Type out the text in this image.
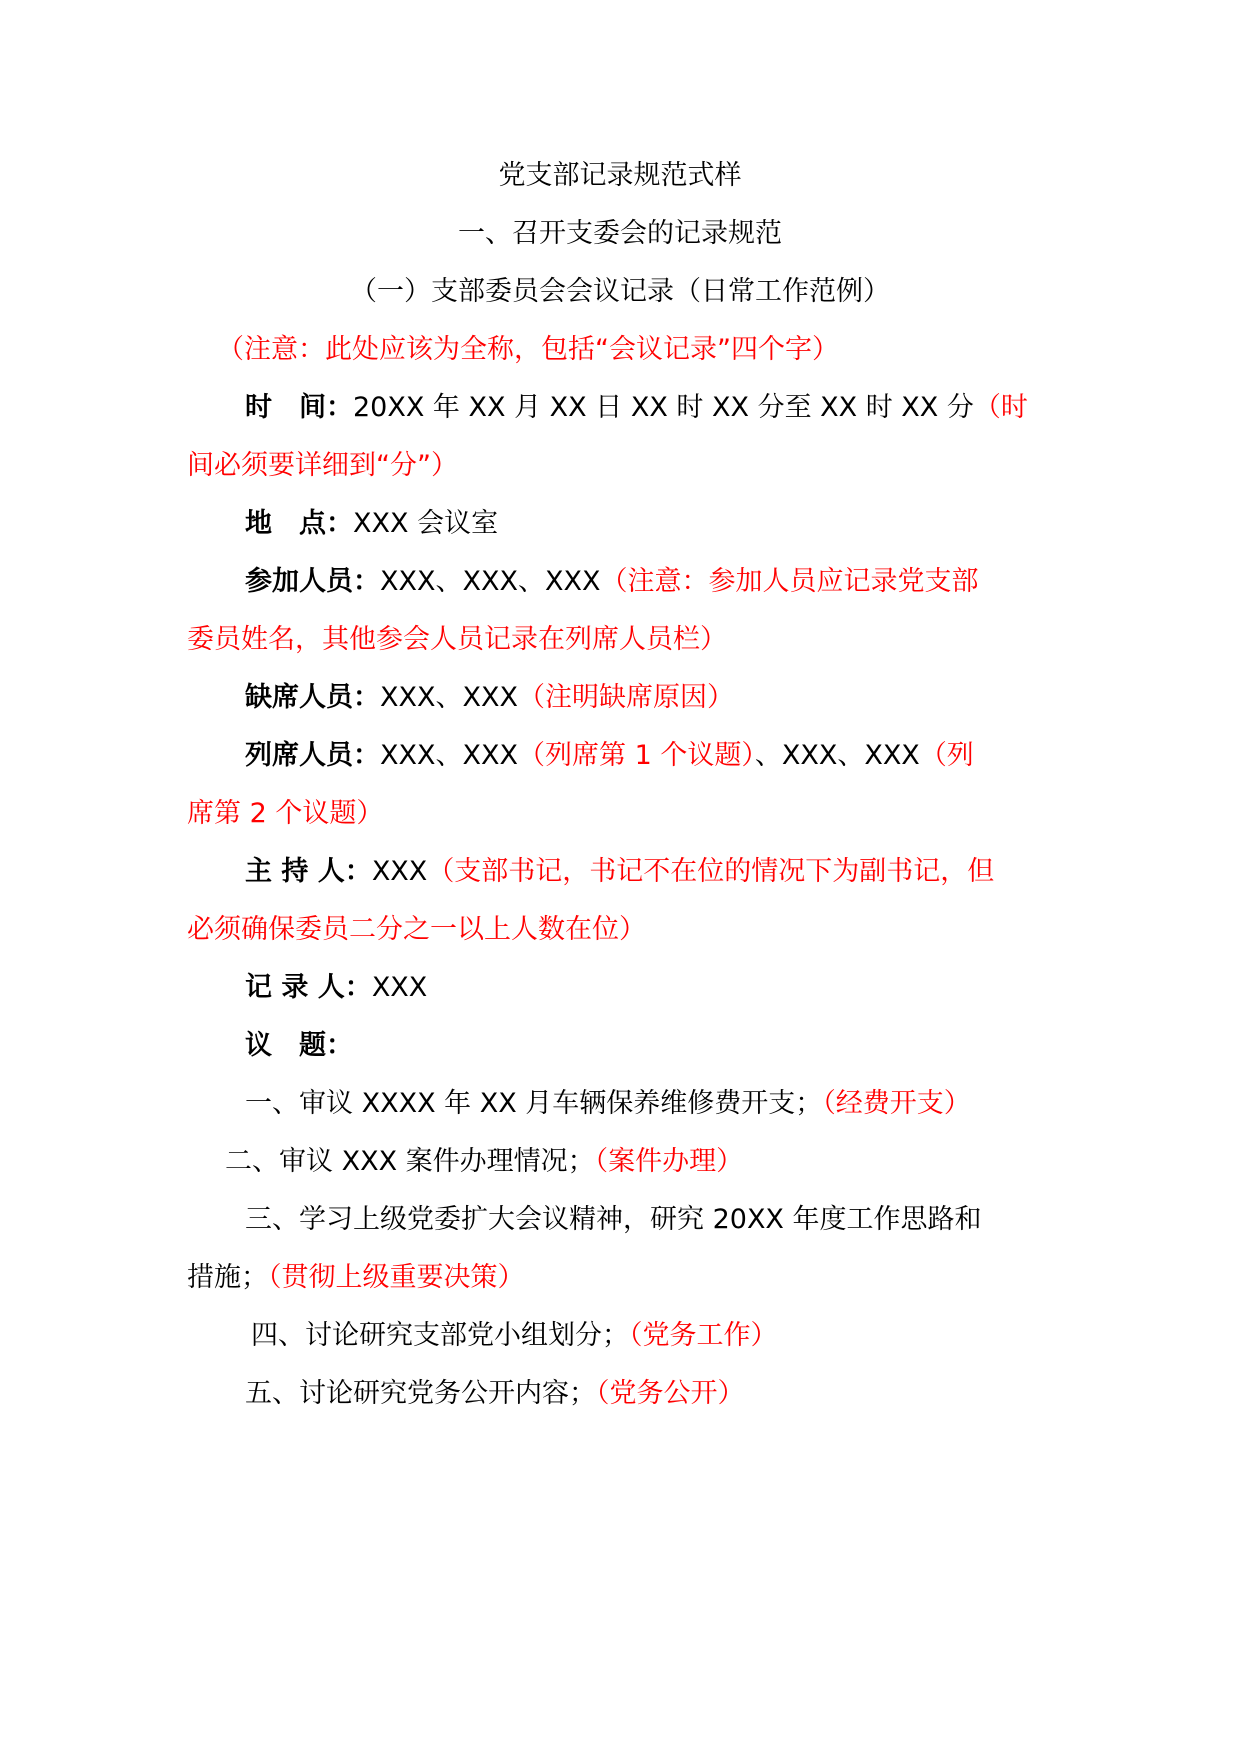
党支部记录规范式样
一、召开支委会的记录规范
（一）支部委员会会议记录（日常工作范例）
（注意：此处应该为全称，包括“会议记录”四个字）
时　间：20XX 年 XX 月 XX 日 XX 时 XX 分至 XX 时 XX 分（时
间必须要详细到“分”）
地　点：XXX 会议室
参加人员：XXX、XXX、XXX（注意：参加人员应记录党支部
委员姓名，其他参会人员记录在列席人员栏）
缺席人员：XXX、XXX（注明缺席原因）
列席人员：XXX、XXX（列席第 1 个议题）、XXX、XXX（列
席第 2 个议题）
主 持 人：XXX（支部书记，书记不在位的情况下为副书记，但
必须确保委员二分之一以上人数在位）
记 录 人：XXX
议　题：
一、审议 XXXX 年 XX 月车辆保养维修费开支；（经费开支）
二、审议 XXX 案件办理情况；（案件办理）
三、学习上级党委扩大会议精神，研究 20XX 年度工作思路和
措施；（贯彻上级重要决策）
四、讨论研究支部党小组划分；（党务工作）
五、讨论研究党务公开内容；（党务公开）
